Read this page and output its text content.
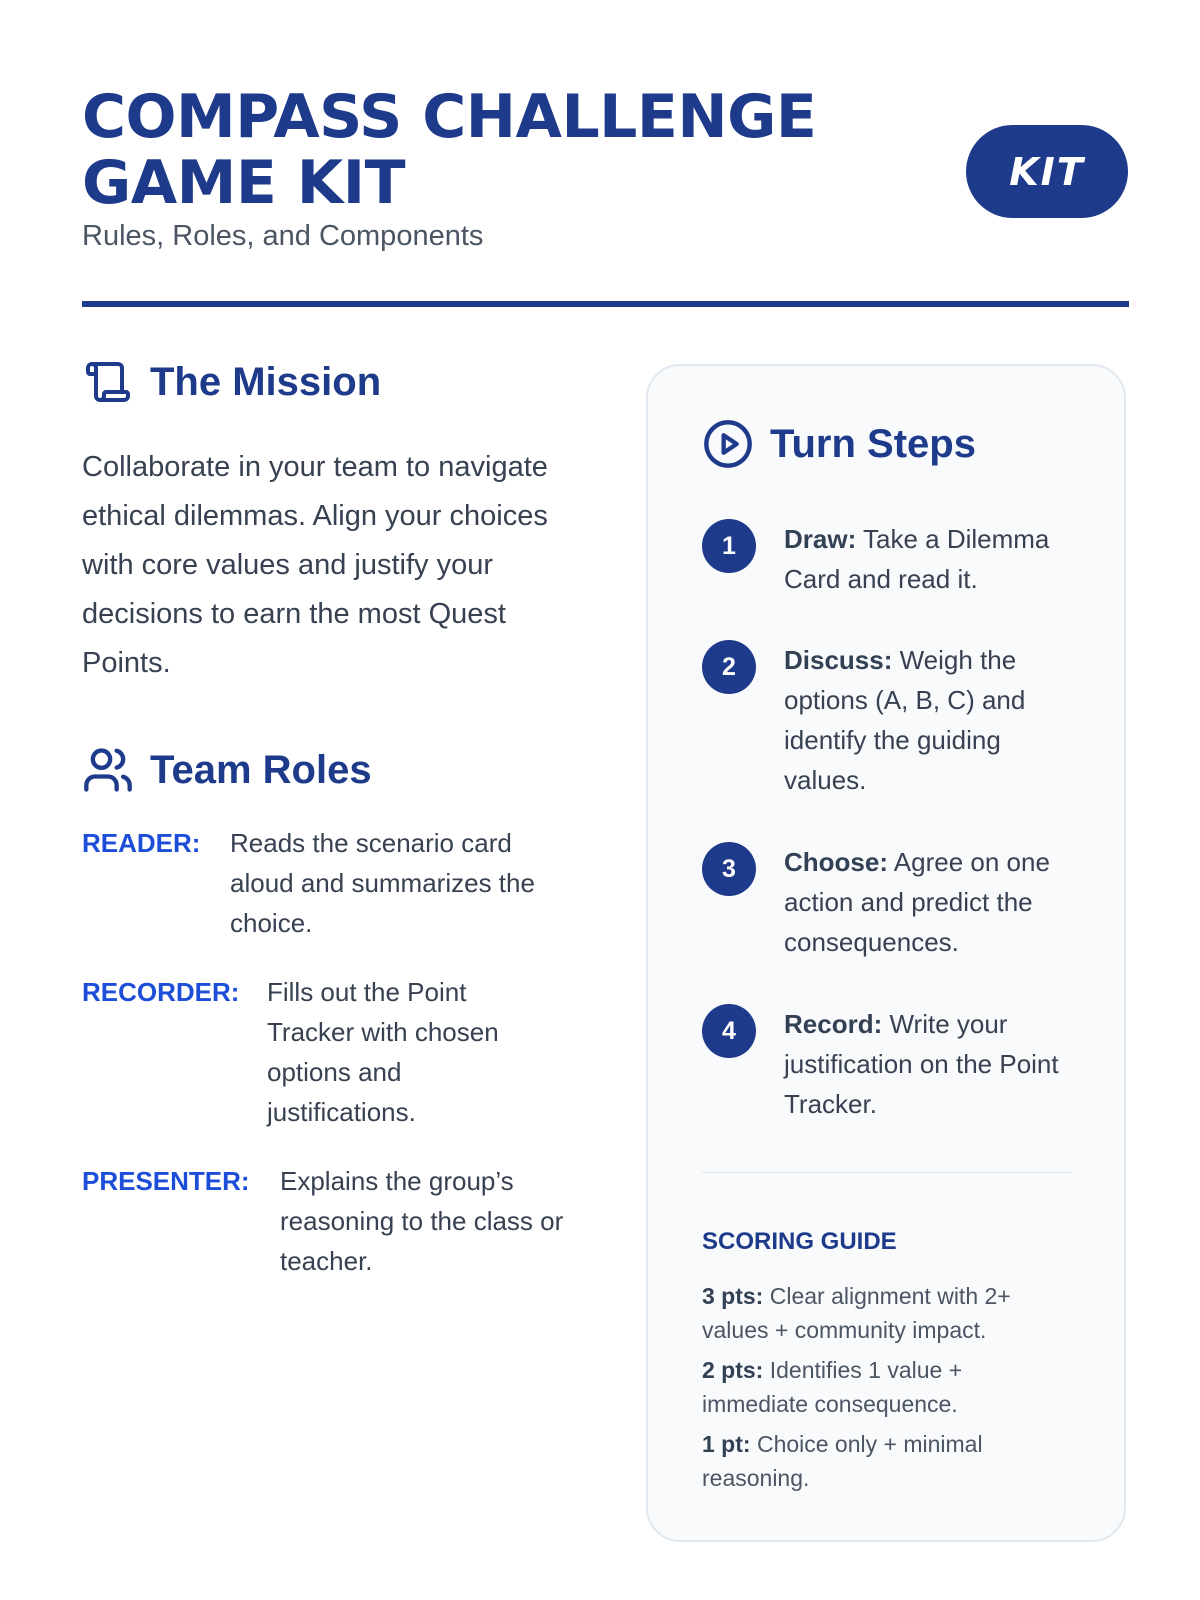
COMPASS CHALLENGE
GAME KIT
Rules, Roles, and Components
KIT
The Mission

Collaborate in your team to navigate ethical dilemmas. Align your choices with core values and justify your decisions to earn the most Quest Points.

Team Roles
READER:	Reads the scenario card aloud and summarizes the choice.
RECORDER:	Fills out the Point Tracker with chosen options and justifications.
PRESENTER:	Explains the group’s reasoning to the class or teacher.
Turn Steps
1	Draw: Take a Dilemma Card and read it.
2	Discuss: Weigh the options (A, B, C) and identify the guiding values.
3	Choose: Agree on one action and predict the consequences.
4	Record: Write your justification on the Point Tracker.
SCORING GUIDE
3 pts: Clear alignment with 2+ values + community impact.
2 pts: Identifies 1 value + immediate consequence.
1 pt: Choice only + minimal reasoning.
